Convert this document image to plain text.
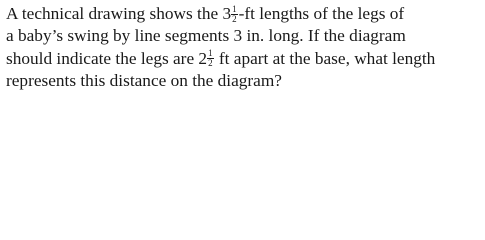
A technical drawing shows the $3 \frac{1}{2} -ft$ lengths of the legs of
a baby’s swing by line segments 3 in. long. If the diagram
should indicate the legs are $2 \frac{1}{2}$ ft apart at the base, what length
represents this distance on the diagram?
